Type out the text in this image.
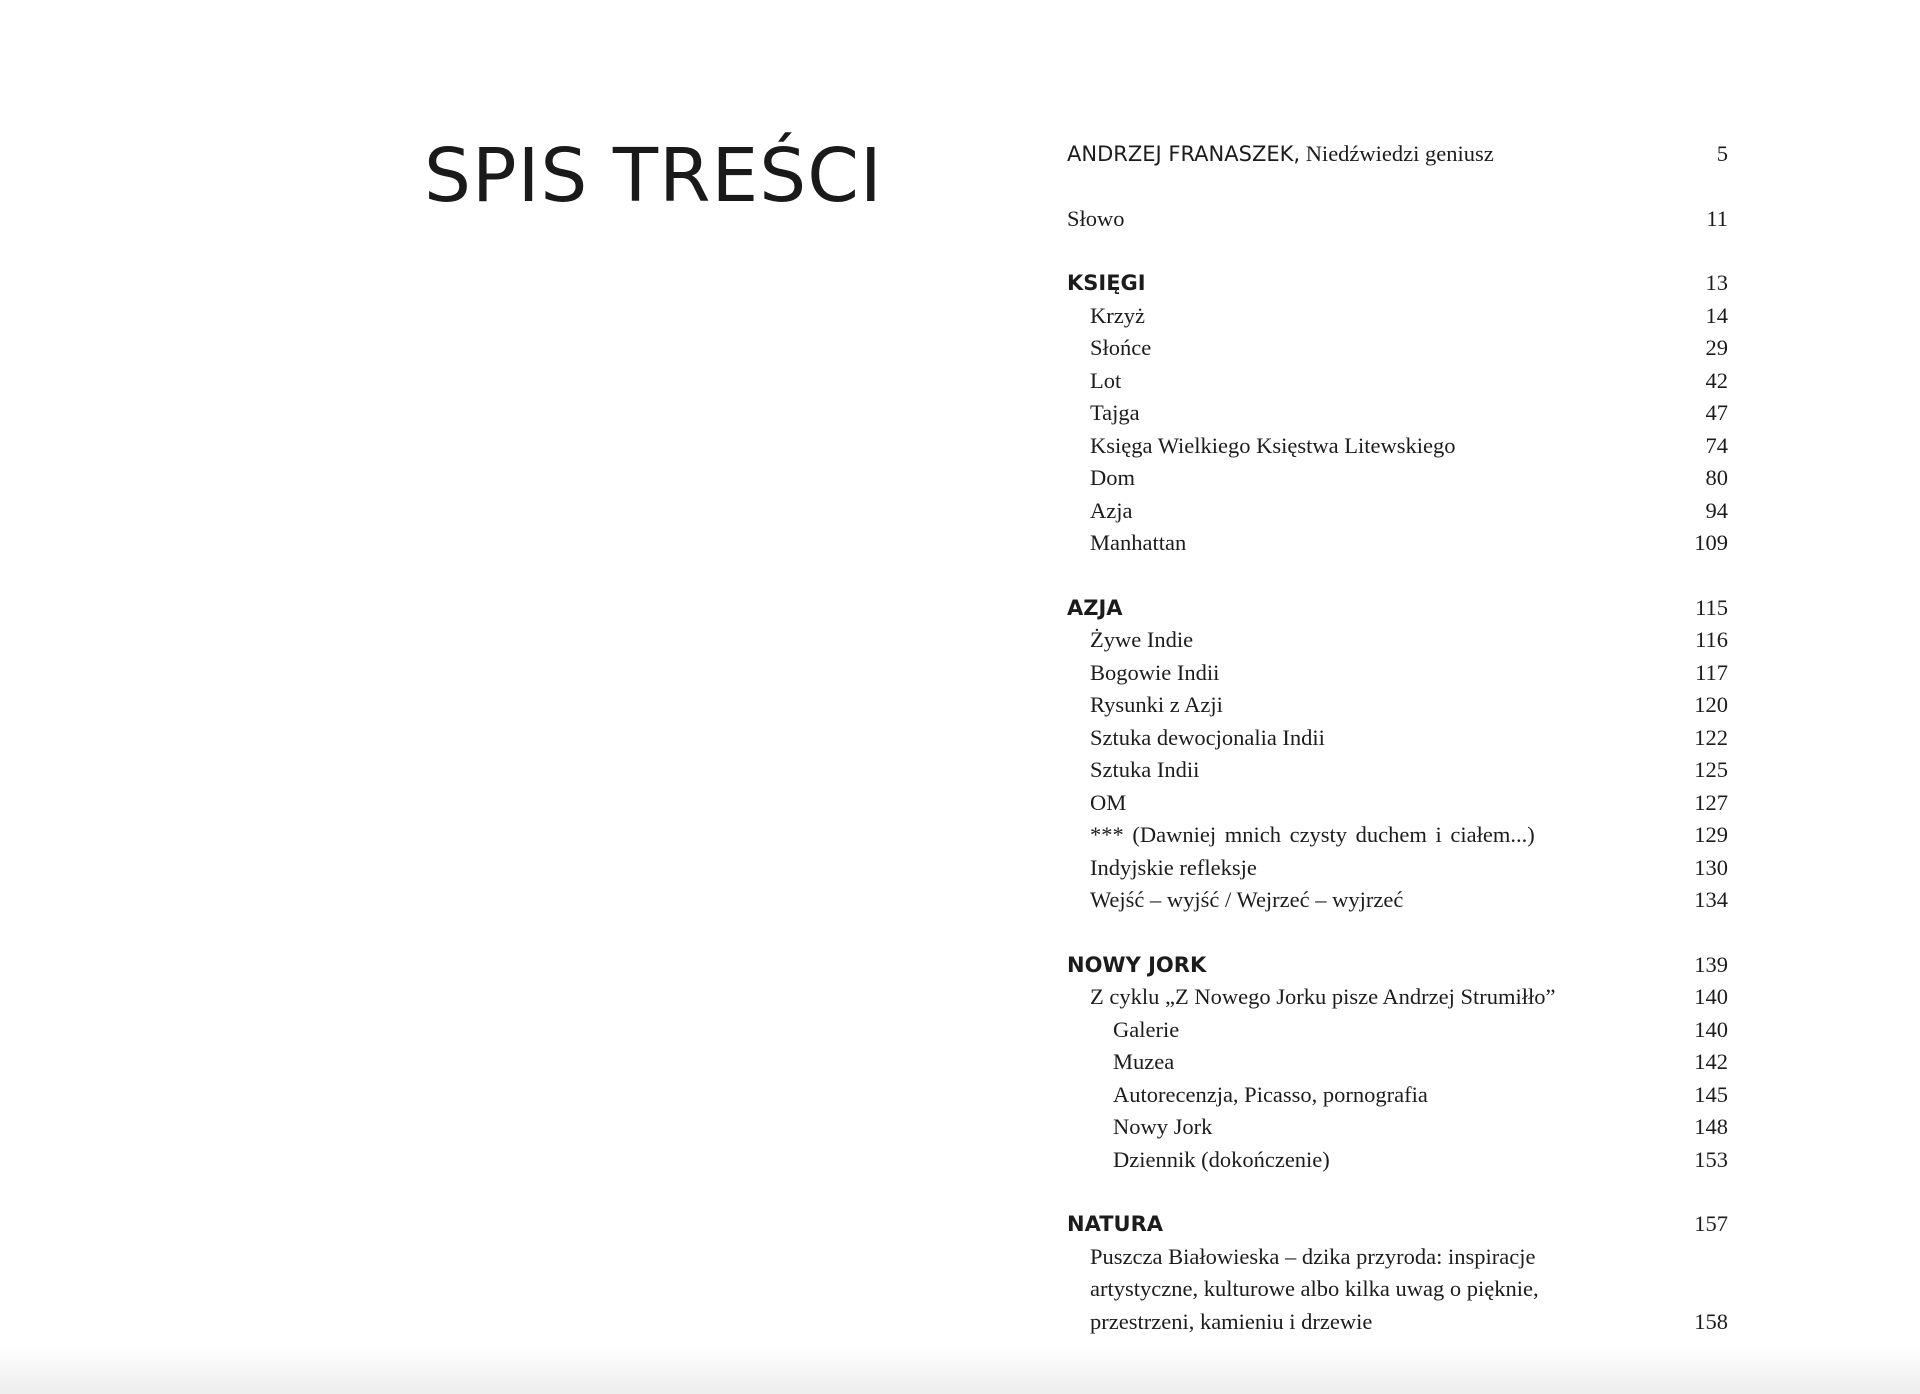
SPIS TREŚCI	ANDRZEJ FRANASZEK, Niedźwiedzi geniusz	5
Słowo	11
KSIĘGI	13
Krzyż	14
Słońce	29
Lot	42
Tajga	47
Księga Wielkiego Księstwa Litewskiego	74
Dom	80
Azja	94
Manhattan	109
AZJA	115
Żywe Indie	116
Bogowie Indii	117
Rysunki z Azji	120
Sztuka dewocjonalia Indii	122
Sztuka Indii	125
OM	127
*** (Dawniej mnich czysty duchem i ciałem...)	129
Indyjskie refleksje	130
Wejść – wyjść / Wejrzeć – wyjrzeć	134
NOWY JORK	139
Z cyklu „Z Nowego Jorku pisze Andrzej Strumiłło”	140
Galerie	140
Muzea	142
Autorecenzja, Picasso, pornografia	145
Nowy Jork	148
Dziennik (dokończenie)	153
NATURA	157
Puszcza Białowieska – dzika przyroda: inspiracje
artystyczne, kulturowe albo kilka uwag o pięknie,
przestrzeni, kamieniu i drzewie	158
